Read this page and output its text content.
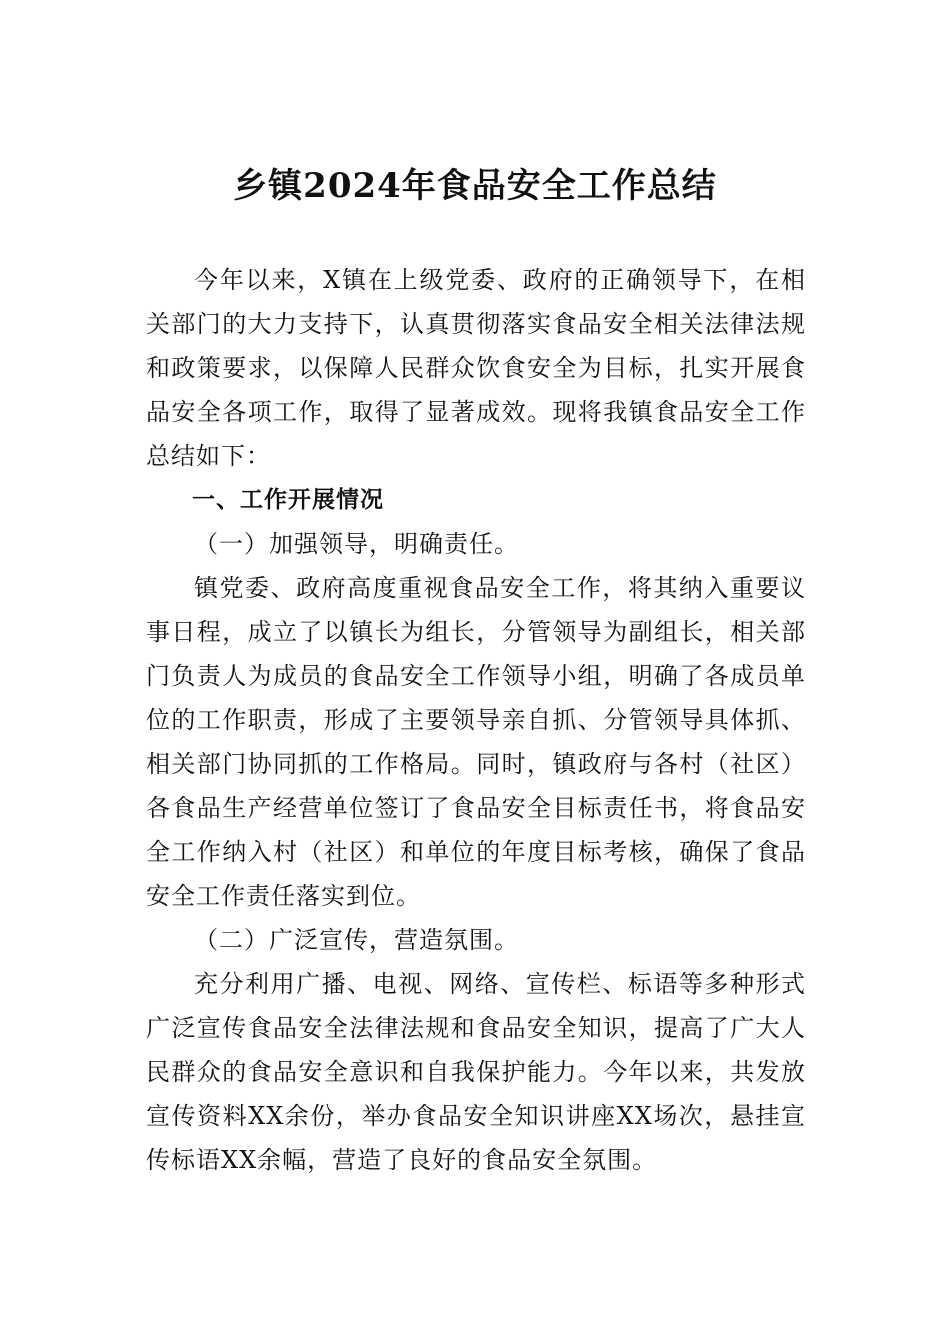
乡镇2024年食品安全工作总结

今年以来，X镇在上级党委、政府的正确领导下，在相关部门的大力支持下，认真贯彻落实食品安全相关法律法规和政策要求，以保障人民群众饮食安全为目标，扎实开展食品安全各项工作，取得了显著成效。现将我镇食品安全工作总结如下：

一、工作开展情况

（一）加强领导，明确责任。

镇党委、政府高度重视食品安全工作，将其纳入重要议事日程，成立了以镇长为组长，分管领导为副组长，相关部门负责人为成员的食品安全工作领导小组，明确了各成员单位的工作职责，形成了主要领导亲自抓、分管领导具体抓、相关部门协同抓的工作格局。同时，镇政府与各村（社区）各食品生产经营单位签订了食品安全目标责任书，将食品安全工作纳入村（社区）和单位的年度目标考核，确保了食品安全工作责任落实到位。

（二）广泛宣传，营造氛围。

充分利用广播、电视、网络、宣传栏、标语等多种形式广泛宣传食品安全法律法规和食品安全知识，提高了广大人民群众的食品安全意识和自我保护能力。今年以来，共发放宣传资料XX余份，举办食品安全知识讲座XX场次，悬挂宣传标语XX余幅，营造了良好的食品安全氛围。
